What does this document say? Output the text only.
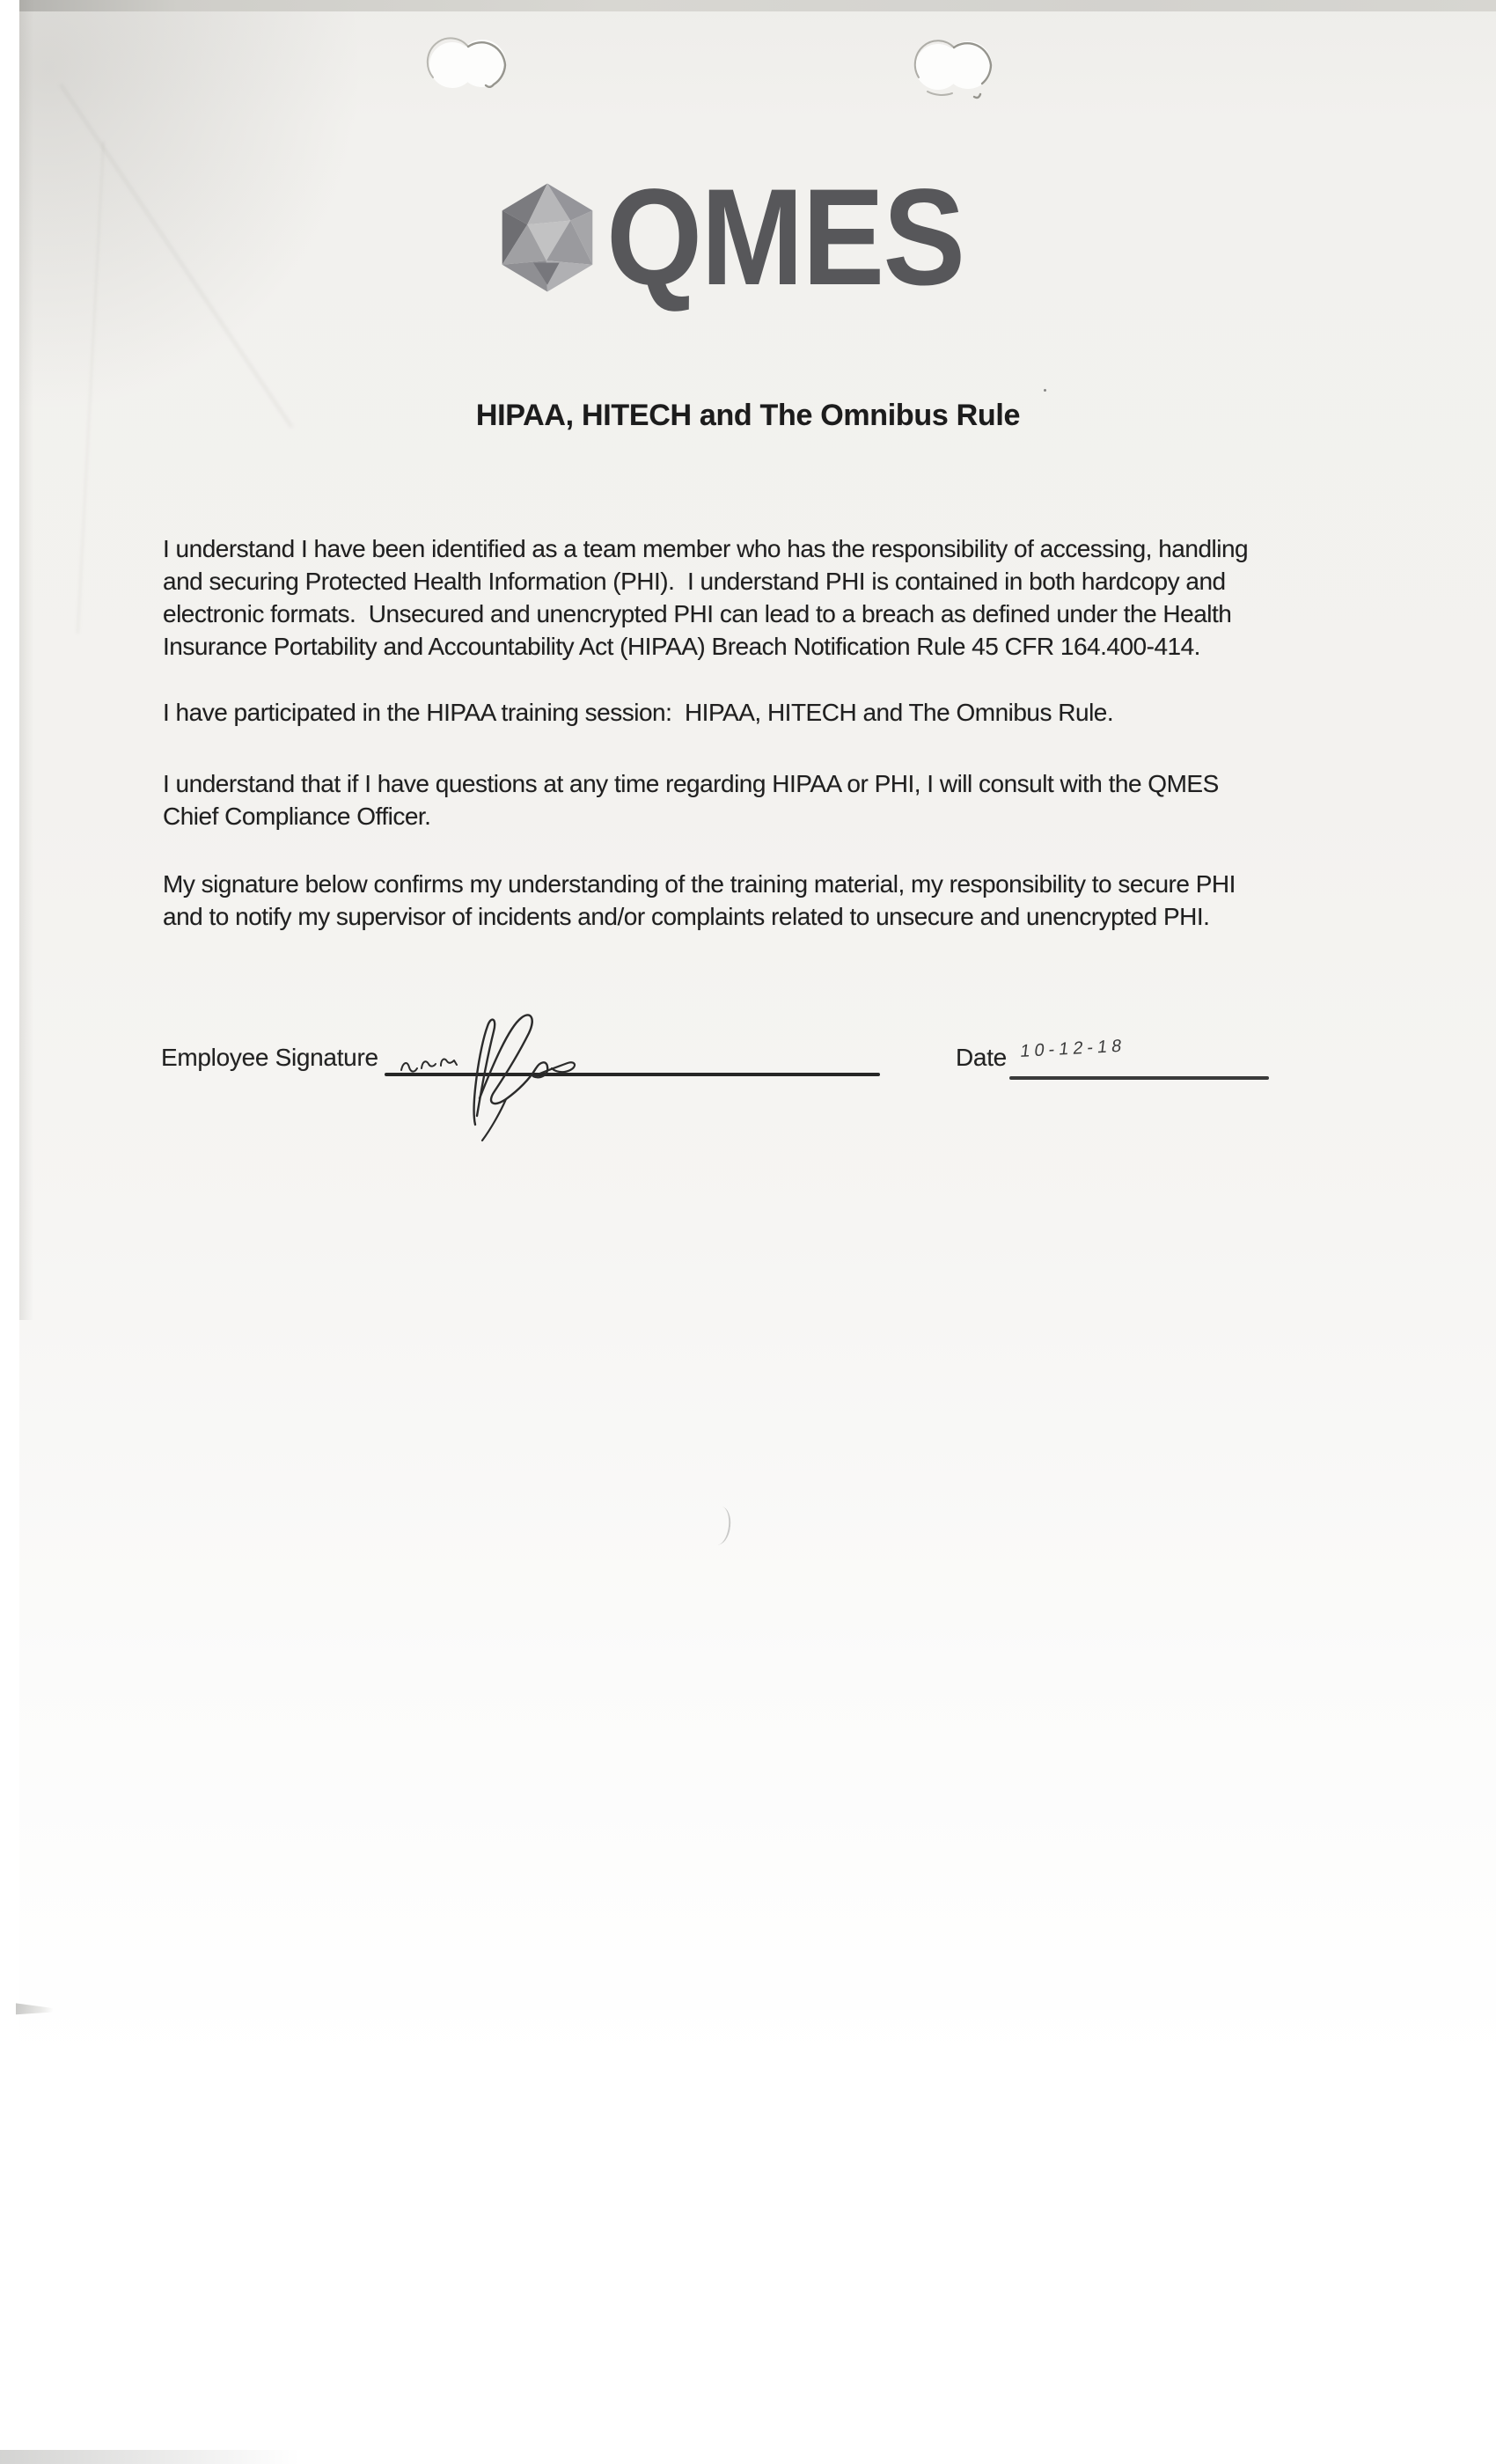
QMES
HIPAA, HITECH and The Omnibus Rule
I understand I have been identified as a team member who has the responsibility of accessing, handling
and securing Protected Health Information (PHI).  I understand PHI is contained in both hardcopy and
electronic formats.  Unsecured and unencrypted PHI can lead to a breach as defined under the Health
Insurance Portability and Accountability Act (HIPAA) Breach Notification Rule 45 CFR 164.400-414.
I have participated in the HIPAA training session:  HIPAA, HITECH and The Omnibus Rule.
I understand that if I have questions at any time regarding HIPAA or PHI, I will consult with the QMES
Chief Compliance Officer.
My signature below confirms my understanding of the training material, my responsibility to secure PHI
and to notify my supervisor of incidents and/or complaints related to unsecure and unencrypted PHI.
Employee Signature	Date 10-12-18
